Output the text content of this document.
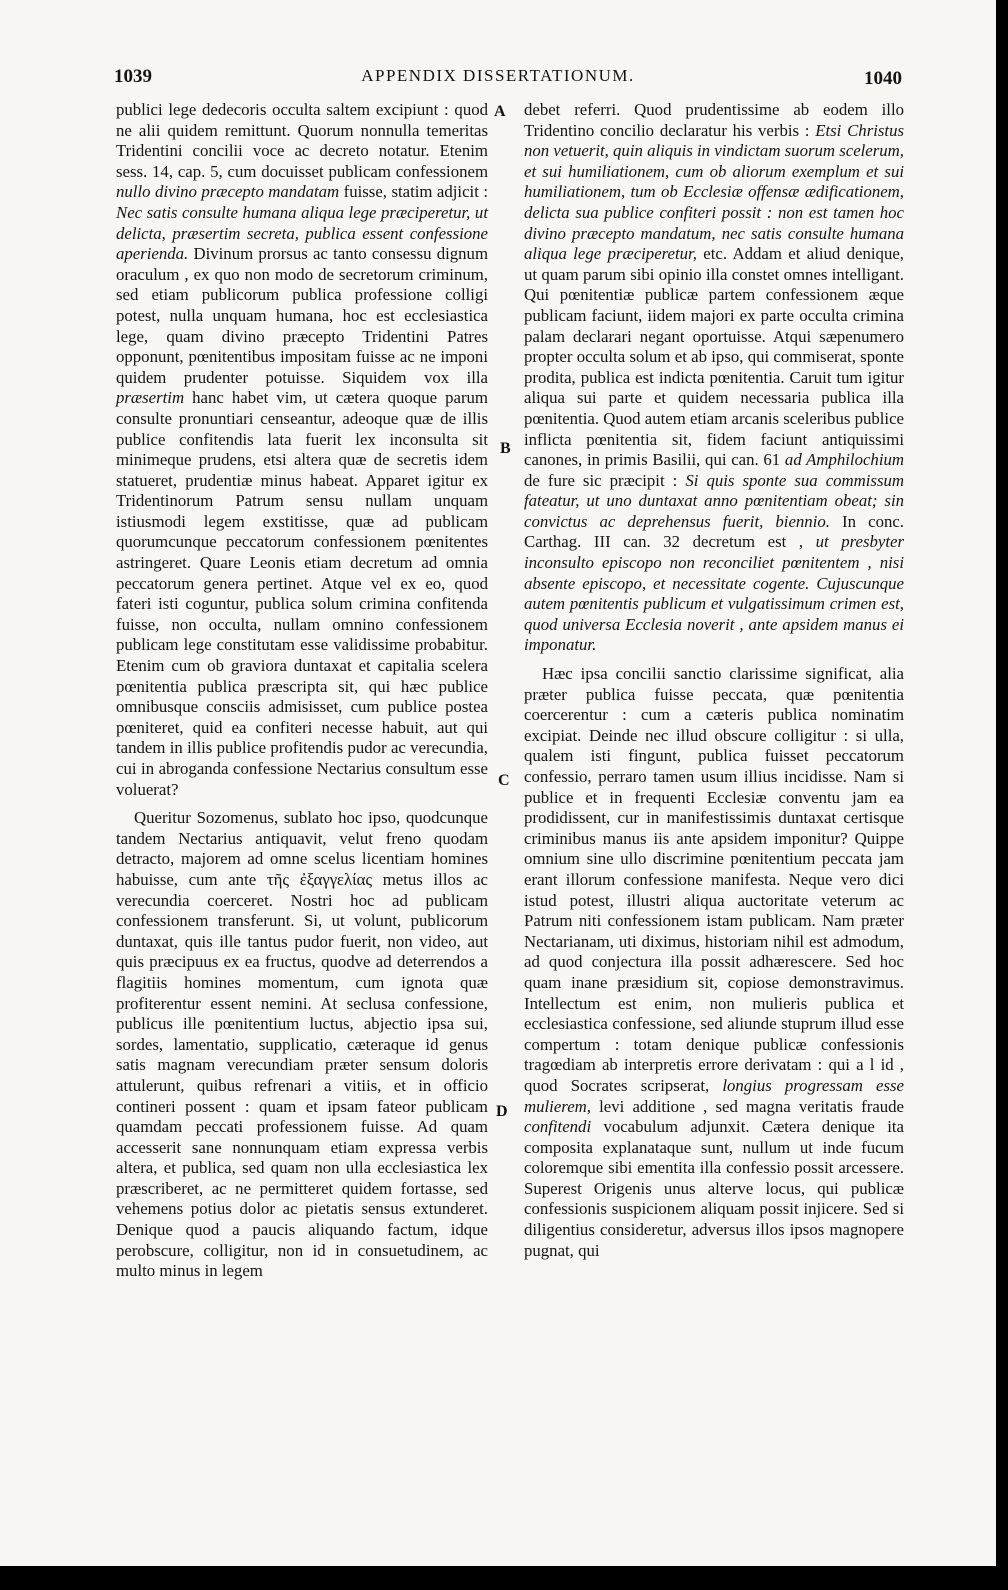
1039	APPENDIX DISSERTATIONUM.	1040

publici lege dedecoris occulta saltem excipiunt : quod ne alii quidem remittunt. Quorum nonnulla temeritas Tridentini concilii voce ac decreto notatur. Etenim sess. 14, cap. 5, cum docuisset publicam confessionem nullo divino præcepto mandatam fuisse, statim adjicit : Nec satis consulte humana aliqua lege præciperetur, ut delicta, præsertim secreta, publica essent confessione aperienda. Divinum prorsus ac tanto consessu dignum oraculum , ex quo non modo de secretorum criminum, sed etiam publicorum publica professione colligi potest, nulla unquam humana, hoc est ecclesiastica lege, quam divino præcepto Tridentini Patres opponunt, pœnitentibus impositam fuisse ac ne imponi quidem prudenter potuisse. Siquidem vox illa præsertim hanc habet vim, ut cætera quoque parum consulte pronuntiari censeantur, adeoque quæ de illis publice confitendis lata fuerit lex inconsulta sit minimeque prudens, etsi altera quæ de secretis idem statueret, prudentiæ minus habeat. Apparet igitur ex Tridentinorum Patrum sensu nullam unquam istiusmodi legem exstitisse, quæ ad publicam quorumcunque peccatorum confessionem pœnitentes astringeret. Quare Leonis etiam decretum ad omnia peccatorum genera pertinet. Atque vel ex eo, quod fateri isti coguntur, publica solum crimina confitenda fuisse, non occulta, nullam omnino confessionem publicam lege constitutam esse validissime probabitur. Etenim cum ob graviora duntaxat et capitalia scelera pœnitentia publica præscripta sit, qui hæc publice omnibusque consciis admisisset, cum publice postea pœniteret, quid ea confiteri necesse habuit, aut qui tandem in illis publice profitendis pudor ac verecundia, cui in abroganda confessione Nectarius consultum esse voluerat?

Queritur Sozomenus, sublato hoc ipso, quodcunque tandem Nectarius antiquavit, velut freno quodam detracto, majorem ad omne scelus licentiam homines habuisse, cum ante τῆς ἐξαγγελίας metus illos ac verecundia coerceret. Nostri hoc ad publicam confessionem transferunt. Si, ut volunt, publicorum duntaxat, quis ille tantus pudor fuerit, non video, aut quis præcipuus ex ea fructus, quodve ad deterrendos a flagitiis homines momentum, cum ignota quæ profiterentur essent nemini. At seclusa confessione, publicus ille pœnitentium luctus, abjectio ipsa sui, sordes, lamentatio, supplicatio, cæteraque id genus satis magnam verecundiam præter sensum doloris attulerunt, quibus refrenari a vitiis, et in officio contineri possent : quam et ipsam fateor publicam quamdam peccati professionem fuisse. Ad quam accesserit sane nonnunquam etiam expressa verbis altera, et publica, sed quam non ulla ecclesiastica lex præscriberet, ac ne permitteret quidem fortasse, sed vehemens potius dolor ac pietatis sensus extunderet. Denique quod a paucis aliquando factum, idque perobscure, colligitur, non id in consuetudinem, ac multo minus in legem

debet referri. Quod prudentissime ab eodem illo Tridentino concilio declaratur his verbis : Etsi Christus non vetuerit, quin aliquis in vindictam suorum scelerum, et sui humiliationem, cum ob aliorum exemplum et sui humiliationem, tum ob Ecclesiæ offensæ ædificationem, delicta sua publice confiteri possit : non est tamen hoc divino præcepto mandatum, nec satis consulte humana aliqua lege præciperetur, etc. Addam et aliud denique, ut quam parum sibi opinio illa constet omnes intelligant. Qui pœnitentiæ publicæ partem confessionem æque publicam faciunt, iidem majori ex parte occulta crimina palam declarari negant oportuisse. Atqui sæpenumero propter occulta solum et ab ipso, qui commiserat, sponte prodita, publica est indicta pœnitentia. Caruit tum igitur aliqua sui parte et quidem necessaria publica illa pœnitentia. Quod autem etiam arcanis sceleribus publice inflicta pœnitentia sit, fidem faciunt antiquissimi canones, in primis Basilii, qui can. 61 ad Amphilochium de fure sic præcipit : Si quis sponte sua commissum fateatur, ut uno duntaxat anno pœnitentiam obeat; sin convictus ac deprehensus fuerit, biennio. In conc. Carthag. III can. 32 decretum est , ut presbyter inconsulto episcopo non reconciliet pœnitentem , nisi absente episcopo, et necessitate cogente. Cujuscunque autem pœnitentis publicum et vulgatissimum crimen est, quod universa Ecclesia noverit , ante apsidem manus ei imponatur.

Hæc ipsa concilii sanctio clarissime significat, alia præter publica fuisse peccata, quæ pœnitentia coercerentur : cum a cæteris publica nominatim excipiat. Deinde nec illud obscure colligitur : si ulla, qualem isti fingunt, publica fuisset peccatorum confessio, perraro tamen usum illius incidisse. Nam si publice et in frequenti Ecclesiæ conventu jam ea prodidissent, cur in manifestissimis duntaxat certisque criminibus manus iis ante apsidem imponitur? Quippe omnium sine ullo discrimine pœnitentium peccata jam erant illorum confessione manifesta. Neque vero dici istud potest, illustri aliqua auctoritate veterum ac Patrum niti confessionem istam publicam. Nam præter Nectarianam, uti diximus, historiam nihil est admodum, ad quod conjectura illa possit adhærescere. Sed hoc quam inane præsidium sit, copiose demonstravimus. Intellectum est enim, non mulieris publica et ecclesiastica confessione, sed aliunde stuprum illud esse compertum : totam denique publicæ confessionis tragœdiam ab interpretis errore derivatam : qui a l id , quod Socrates scripserat, longius progressam esse mulierem, levi additione , sed magna veritatis fraude confitendi vocabulum adjunxit. Cætera denique ita composita explanataque sunt, nullum ut inde fucum coloremque sibi ementita illa confessio possit arcessere. Superest Origenis unus alterve locus, qui publicæ confessionis suspicionem aliquam possit injicere. Sed si diligentius consideretur, adversus illos ipsos magnopere pugnat, qui

A
B
C
D
